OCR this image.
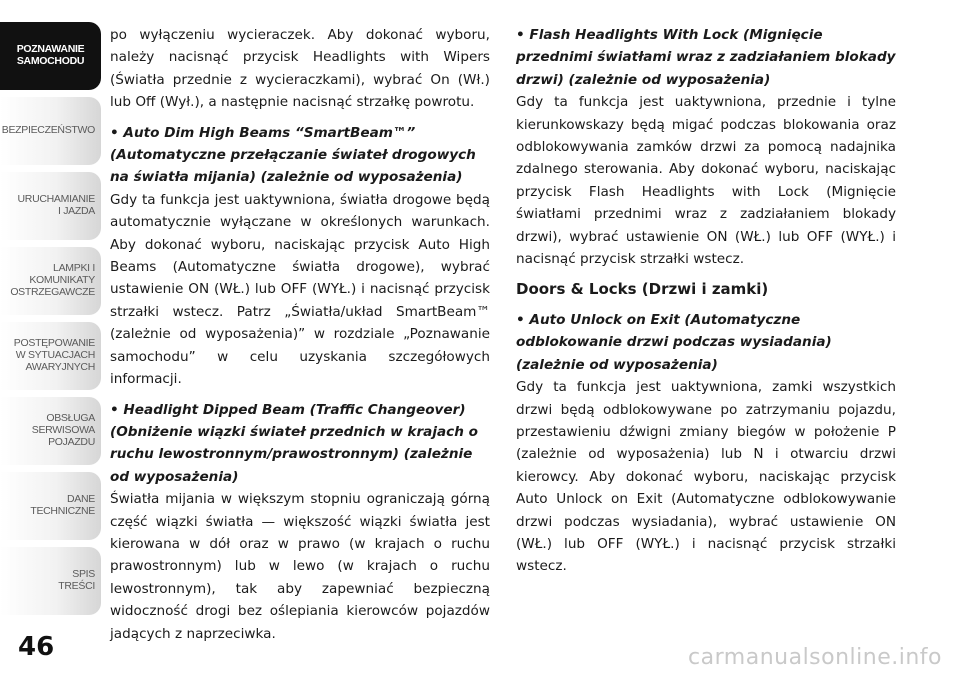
POZNAWANIE
SAMOCHODU
BEZPIECZEŃSTWO
URUCHAMIANIE
I JAZDA
LAMPKI I
KOMUNIKATY
OSTRZEGAWCZE
POSTĘPOWANIE
W SYTUACJACH
AWARYJNYCH
OBSŁUGA
SERWISOWA
POJAZDU
DANE
TECHNICZNE
SPIS
TREŚCI
46

po wyłączeniu wycieraczek. Aby dokonać wyboru, należy nacisnąć przycisk Headlights with Wipers (Światła przednie z wycieraczkami), wybrać On (Wł.) lub Off (Wył.), a następnie nacisnąć strzałkę powrotu.

• Auto Dim High Beams “SmartBeam™” (Automatyczne przełączanie świateł drogowych na światła mijania) (zależnie od wyposażenia)

Gdy ta funkcja jest uaktywniona, światła drogowe będą automatycznie wyłączane w określonych warunkach. Aby dokonać wyboru, naciskając przycisk Auto High Beams (Automatyczne światła drogowe), wybrać ustawienie ON (WŁ.) lub OFF (WYŁ.) i nacisnąć przycisk strzałki wstecz. Patrz „Światła/układ SmartBeam™ (zależnie od wyposażenia)” w rozdziale „Poznawanie samochodu” w celu uzyskania szczegółowych informacji.

• Headlight Dipped Beam (Traffic Changeover) (Obniżenie wiązki świateł przednich w krajach o ruchu lewostronnym/prawostronnym) (zależnie od wyposażenia)

Światła mijania w większym stopniu ograniczają górną część wiązki światła — większość wiązki światła jest kierowana w dół oraz w prawo (w krajach o ruchu prawostronnym) lub w lewo (w krajach o ruchu lewostronnym), tak aby zapewniać bezpieczną widoczność drogi bez oślepiania kierowców pojazdów jadących z naprzeciwka.

• Flash Headlights With Lock (Mignięcie przednimi światłami wraz z zadziałaniem blokady drzwi) (zależnie od wyposażenia)

Gdy ta funkcja jest uaktywniona, przednie i tylne kierunkowskazy będą migać podczas blokowania oraz odblokowywania zamków drzwi za pomocą nadajnika zdalnego sterowania. Aby dokonać wyboru, naciskając przycisk Flash Headlights with Lock (Mignięcie światłami przednimi wraz z zadziałaniem blokady drzwi), wybrać ustawienie ON (WŁ.) lub OFF (WYŁ.) i nacisnąć przycisk strzałki wstecz.

Doors & Locks (Drzwi i zamki)

• Auto Unlock on Exit (Automatyczne odblokowanie drzwi podczas wysiadania) (zależnie od wyposażenia)

Gdy ta funkcja jest uaktywniona, zamki wszystkich drzwi będą odblokowywane po zatrzymaniu pojazdu, przestawieniu dźwigni zmiany biegów w położenie P (zależnie od wyposażenia) lub N i otwarciu drzwi kierowcy. Aby dokonać wyboru, naciskając przycisk Auto Unlock on Exit (Automatyczne odblokowywanie drzwi podczas wysiadania), wybrać ustawienie ON (WŁ.) lub OFF (WYŁ.) i nacisnąć przycisk strzałki wstecz.

carmanualsonline.info
